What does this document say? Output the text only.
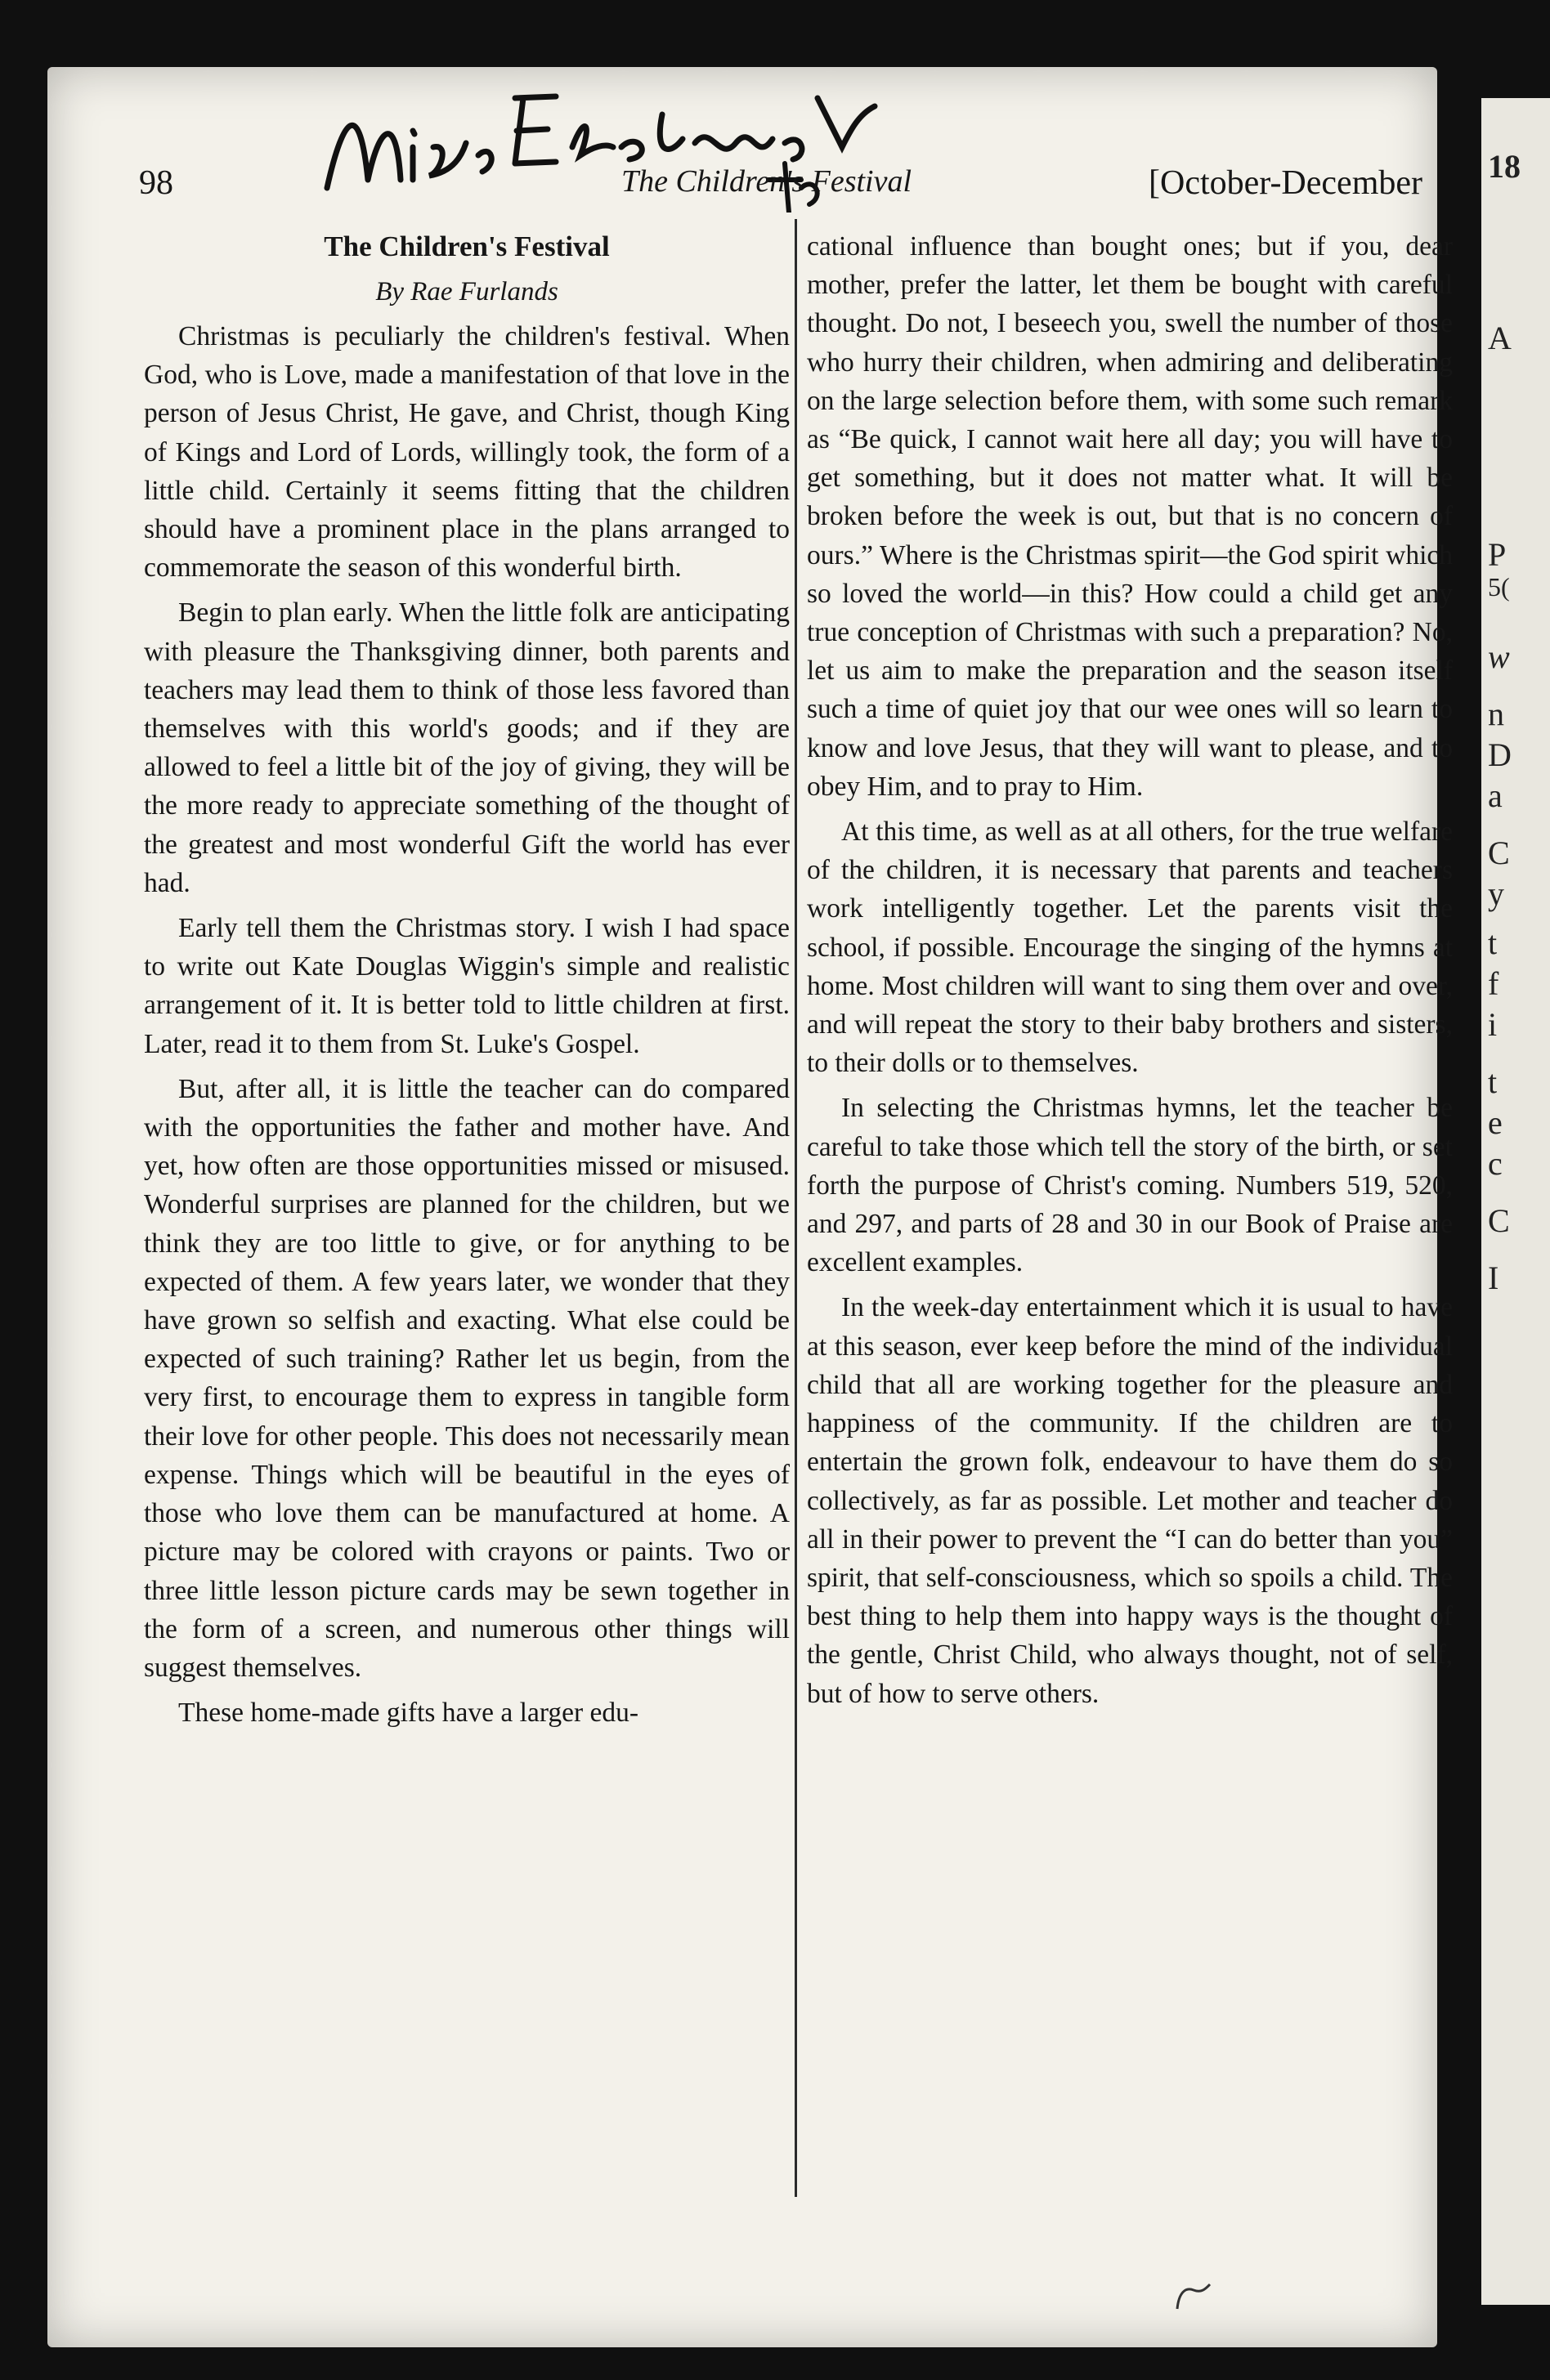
18
A
P
5(
w
n
D
a
C
y
t
f
i
t
e
c
C
I
98	The Children's Festival	[October-December

The Children's Festival

By Rae Furlands

Christmas is peculiarly the children's festival. When God, who is Love, made a manifestation of that love in the person of Jesus Christ, He gave, and Christ, though King of Kings and Lord of Lords, willingly took, the form of a little child. Certainly it seems fitting that the children should have a prominent place in the plans arranged to commemorate the season of this wonderful birth.

Begin to plan early. When the little folk are anticipating with pleasure the Thanksgiving dinner, both parents and teachers may lead them to think of those less favored than themselves with this world's goods; and if they are allowed to feel a little bit of the joy of giving, they will be the more ready to appreciate something of the thought of the greatest and most wonderful Gift the world has ever had.

Early tell them the Christmas story. I wish I had space to write out Kate Douglas Wiggin's simple and realistic arrangement of it. It is better told to little children at first. Later, read it to them from St. Luke's Gospel.

But, after all, it is little the teacher can do compared with the opportunities the father and mother have. And yet, how often are those opportunities missed or misused. Wonderful surprises are planned for the children, but we think they are too little to give, or for anything to be expected of them. A few years later, we wonder that they have grown so selfish and exacting. What else could be expected of such training? Rather let us begin, from the very first, to encourage them to express in tangible form their love for other people. This does not necessarily mean expense. Things which will be beautiful in the eyes of those who love them can be manufactured at home. A picture may be colored with crayons or paints. Two or three little lesson picture cards may be sewn together in the form of a screen, and numerous other things will suggest themselves.

These home-made gifts have a larger edu-

cational influence than bought ones; but if you, dear mother, prefer the latter, let them be bought with careful thought. Do not, I beseech you, swell the number of those who hurry their children, when admiring and deliberating on the large selection before them, with some such remark as “Be quick, I cannot wait here all day; you will have to get something, but it does not matter what. It will be broken before the week is out, but that is no concern of ours.” Where is the Christmas spirit—the God spirit which so loved the world—in this? How could a child get any true conception of Christmas with such a preparation? No, let us aim to make the preparation and the season itself such a time of quiet joy that our wee ones will so learn to know and love Jesus, that they will want to please, and to obey Him, and to pray to Him.

At this time, as well as at all others, for the true welfare of the children, it is necessary that parents and teachers work intelligently together. Let the parents visit the school, if possible. Encourage the singing of the hymns at home. Most children will want to sing them over and over, and will repeat the story to their baby brothers and sisters, to their dolls or to themselves.

In selecting the Christmas hymns, let the teacher be careful to take those which tell the story of the birth, or set forth the purpose of Christ's coming. Numbers 519, 520, and 297, and parts of 28 and 30 in our Book of Praise are excellent examples.

In the week-day entertainment which it is usual to have at this season, ever keep before the mind of the individual child that all are working together for the pleasure and happiness of the community. If the children are to entertain the grown folk, endeavour to have them do so collectively, as far as possible. Let mother and teacher do all in their power to prevent the “I can do better than you” spirit, that self-consciousness, which so spoils a child. The best thing to help them into happy ways is the thought of the gentle, Christ Child, who always thought, not of self, but of how to serve others.
